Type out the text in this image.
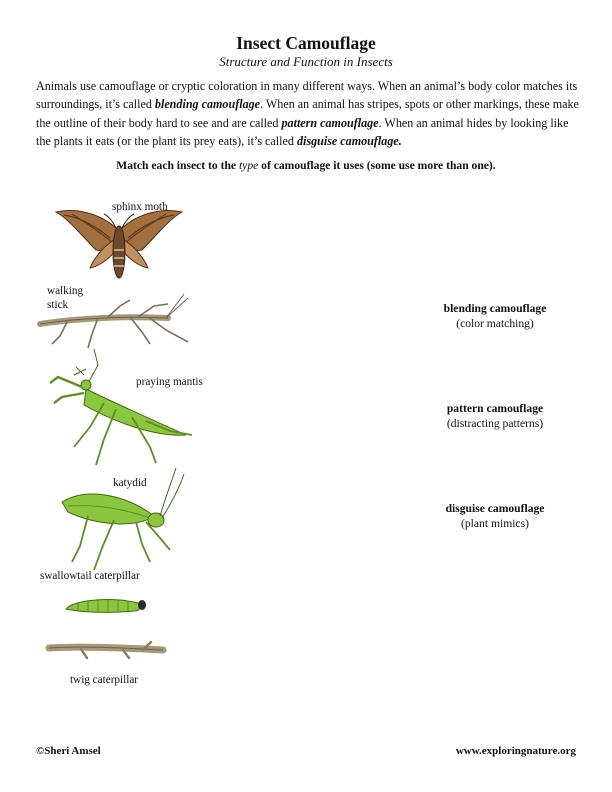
Insect Camouflage
Structure and Function in Insects
Animals use camouflage or cryptic coloration in many different ways. When an animal’s body color matches its surroundings, it’s called blending camouflage. When an animal has stripes, spots or other markings, these make the outline of their body hard to see and are called pattern camouflage. When an animal hides by looking like the plants it eats (or the plant its prey eats), it’s called disguise camouflage.
Match each insect to the type of camouflage it uses (some use more than one).
sphinx moth
walking
stick
praying mantis
katydid
swallowtail caterpillar
twig caterpillar
blending camouflage
(color matching)
pattern camouflage
(distracting patterns)
disguise camouflage
(plant mimics)
©Sheri Amsel	www.exploringnature.org
